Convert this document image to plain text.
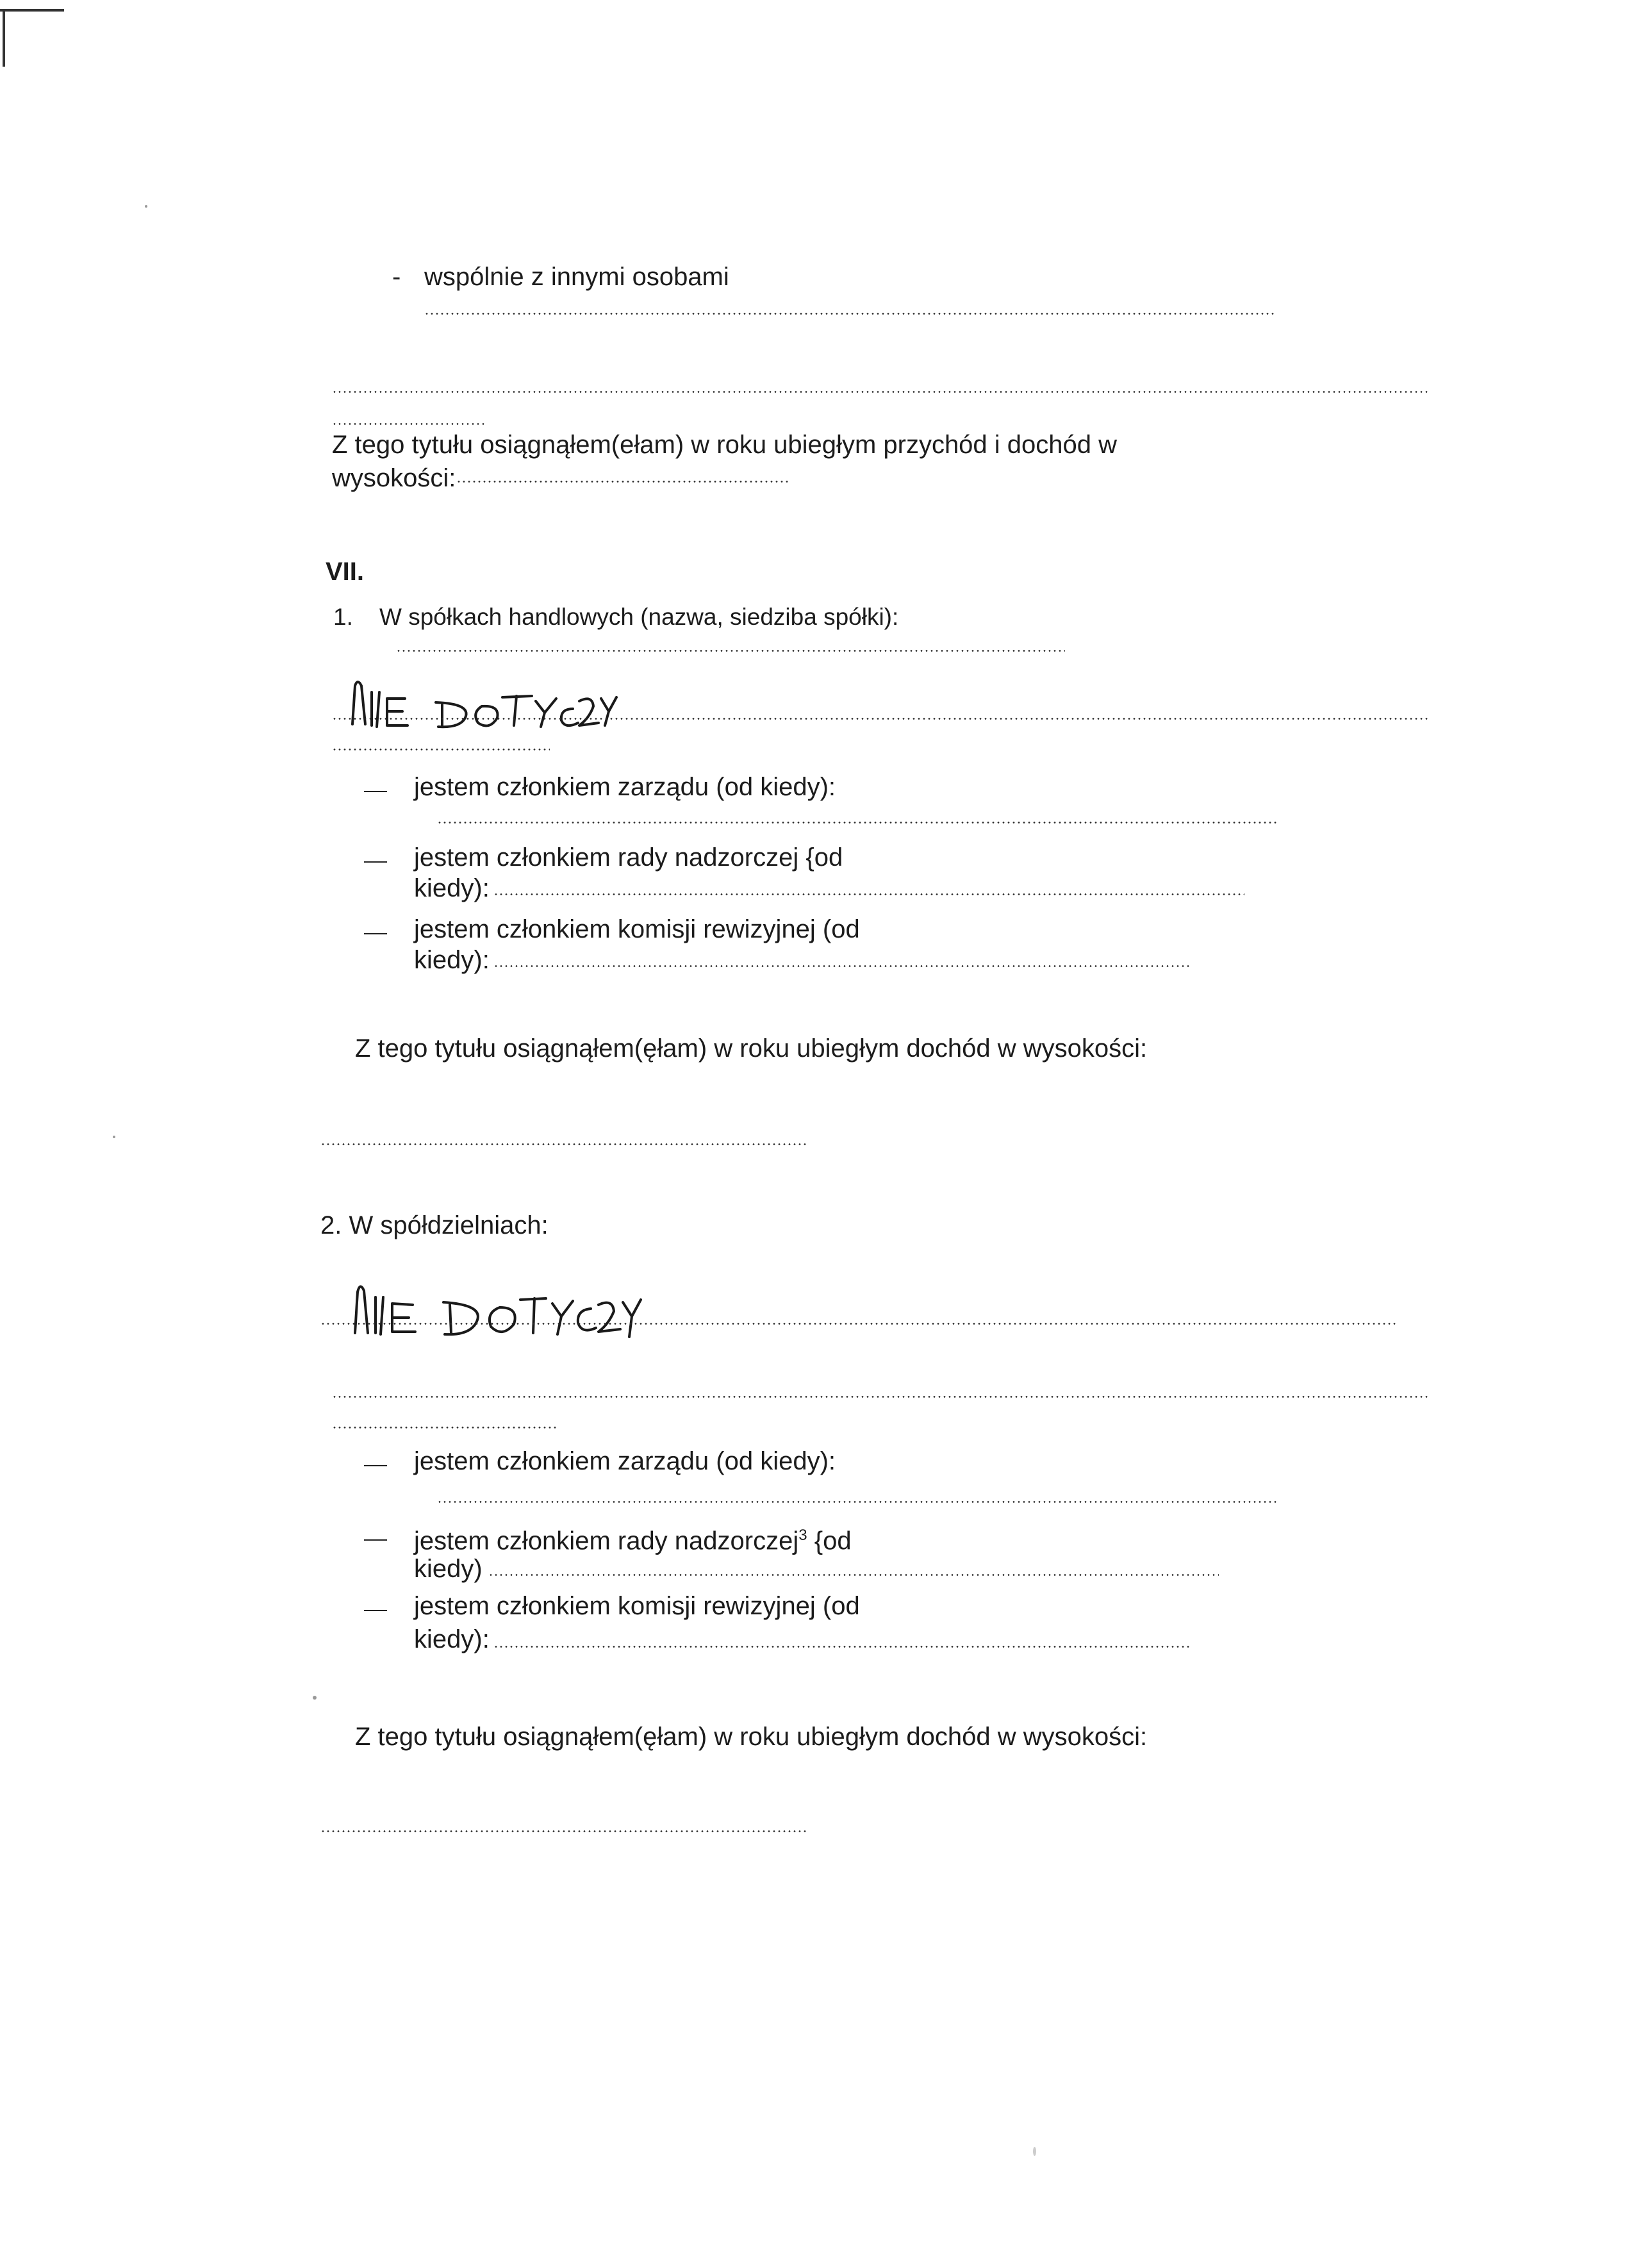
- wspólnie z innymi osobami
Z tego tytułu osiągnąłem(ełam) w roku ubiegłym przychód i dochód w
wysokości:
VII.
1. W spółkach handlowych (nazwa, siedziba spółki):
jestem członkiem zarządu (od kiedy):
jestem członkiem rady nadzorczej {od
kiedy):
jestem członkiem komisji rewizyjnej (od
kiedy):
Z tego tytułu osiągnąłem(ęłam) w roku ubiegłym dochód w wysokości:
2. W spółdzielniach:
jestem członkiem zarządu (od kiedy):
jestem członkiem rady nadzorczej$^3$ {od
kiedy)
jestem członkiem komisji rewizyjnej (od
kiedy):
Z tego tytułu osiągnąłem(ęłam) w roku ubiegłym dochód w wysokości:
